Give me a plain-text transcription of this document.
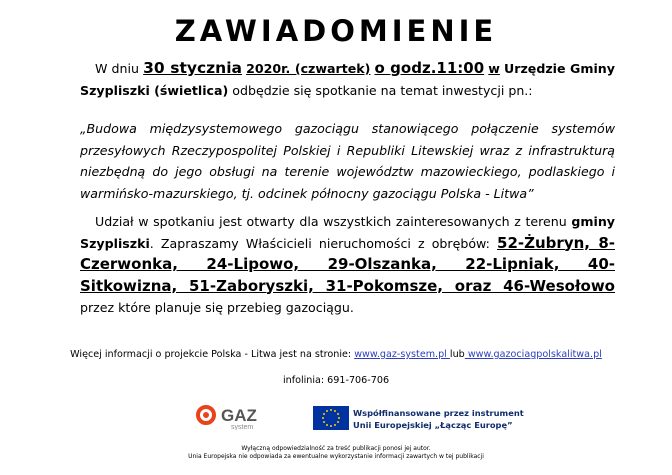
ZAWIADOMIENIE
W dniu 30 stycznia 2020r. (czwartek) o godz.11:00 w Urzędzie Gminy Szypliszki (świetlica) odbędzie się spotkanie na temat inwestycji pn.:
„Budowa międzysystemowego gazociągu stanowiącego połączenie systemów przesyłowych Rzeczypospolitej Polskiej i Republiki Litewskiej wraz z infrastrukturą niezbędną do jego obsługi na terenie województw mazowieckiego, podlaskiego i warmińsko-mazurskiego, tj. odcinek północny gazociągu Polska - Litwa”
Udział w spotkaniu jest otwarty dla wszystkich zainteresowanych z terenu gminy Szypliszki. Zapraszamy Właścicieli nieruchomości z obrębów: 52-Żubryn, 8-Czerwonka, 24-Lipowo, 29-Olszanka, 22-Lipniak, 40-Sitkowizna, 51-Zaboryszki, 31-Pokomsze, oraz 46-Wesołowo przez które planuje się przebieg gazociągu.
Więcej informacji o projekcie Polska - Litwa jest na stronie: www.gaz-system.pl lub www.gazociagpolskalitwa.pl
infolinia: 691-706-706
GAZ
system
Współfinansowane przez instrument
Unii Europejskiej „Łącząc Europę”
Wyłączną odpowiedzialność za treść publikacji ponosi jej autor.
Unia Europejska nie odpowiada za ewentualne wykorzystanie informacji zawartych w tej publikacji
